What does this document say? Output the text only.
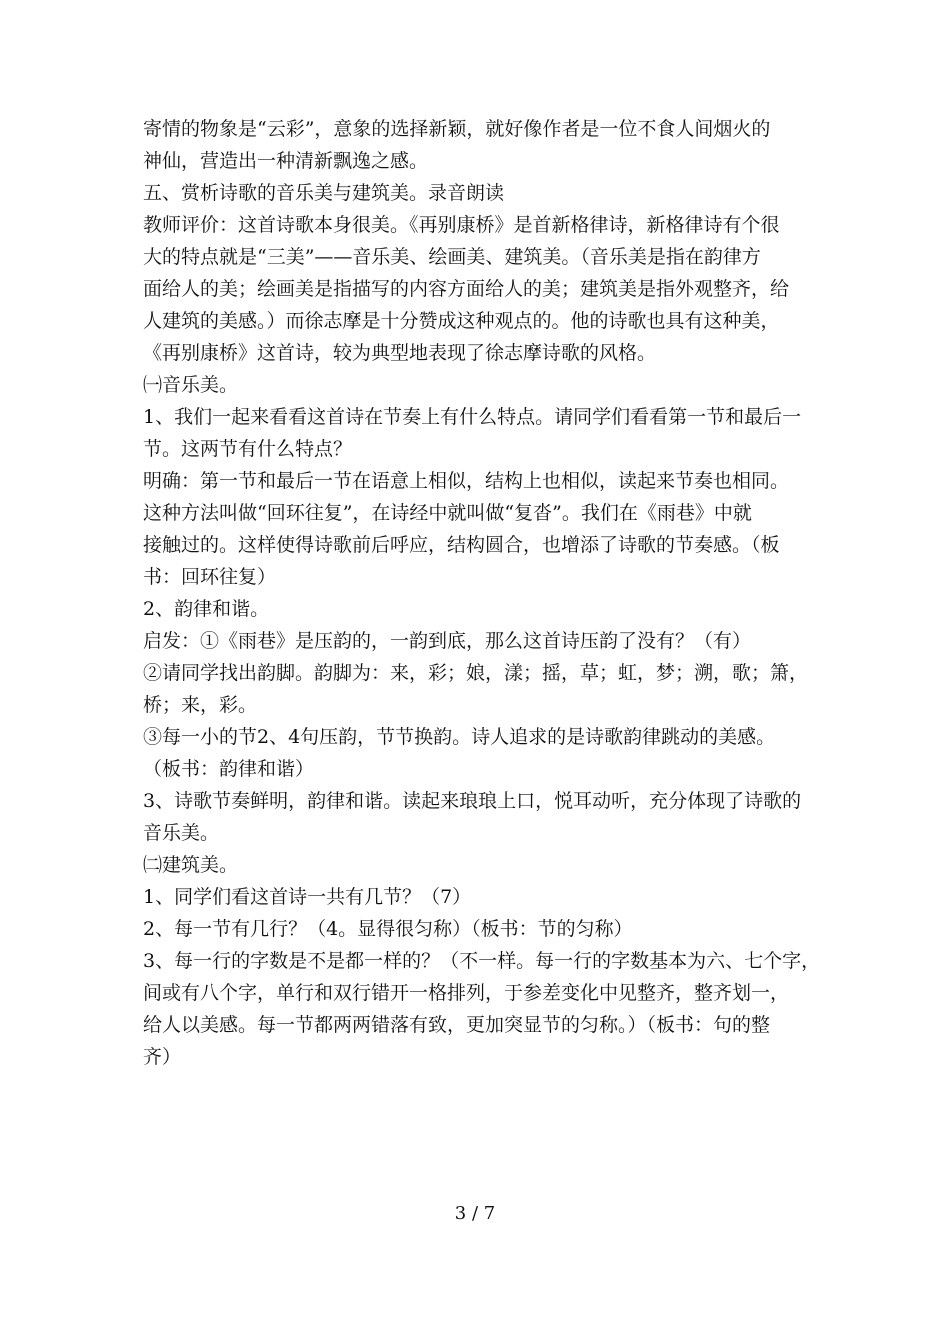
寄情的物象是“云彩”，意象的选择新颖，就好像作者是一位不食人间烟火的
神仙，营造出一种清新飘逸之感。
五、赏析诗歌的音乐美与建筑美。录音朗读
教师评价：这首诗歌本身很美。《再别康桥》是首新格律诗，新格律诗有个很
大的特点就是“三美”——音乐美、绘画美、建筑美。（音乐美是指在韵律方
面给人的美；绘画美是指描写的内容方面给人的美；建筑美是指外观整齐，给
人建筑的美感。）而徐志摩是十分赞成这种观点的。他的诗歌也具有这种美，
《再别康桥》这首诗，较为典型地表现了徐志摩诗歌的风格。
㈠音乐美。
1、我们一起来看看这首诗在节奏上有什么特点。请同学们看看第一节和最后一
节。这两节有什么特点？
明确：第一节和最后一节在语意上相似，结构上也相似，读起来节奏也相同。
这种方法叫做“回环往复”，在诗经中就叫做“复沓”。我们在《雨巷》中就
接触过的。这样使得诗歌前后呼应，结构圆合，也增添了诗歌的节奏感。（板
书：回环往复）
2、韵律和谐。
启发：①《雨巷》是压韵的，一韵到底，那么这首诗压韵了没有？（有）
②请同学找出韵脚。韵脚为：来，彩；娘，漾；摇，草；虹，梦；溯，歌；箫，
桥；来，彩。
③每一小的节2、4句压韵，节节换韵。诗人追求的是诗歌韵律跳动的美感。
（板书：韵律和谐）
3、诗歌节奏鲜明，韵律和谐。读起来琅琅上口，悦耳动听，充分体现了诗歌的
音乐美。
㈡建筑美。
1、同学们看这首诗一共有几节？（7）
2、每一节有几行？（4。显得很匀称）（板书：节的匀称）
3、每一行的字数是不是都一样的？（不一样。每一行的字数基本为六、七个字，
间或有八个字，单行和双行错开一格排列，于参差变化中见整齐，整齐划一，
给人以美感。每一节都两两错落有致，更加突显节的匀称。）（板书：句的整
齐）
3 / 7
